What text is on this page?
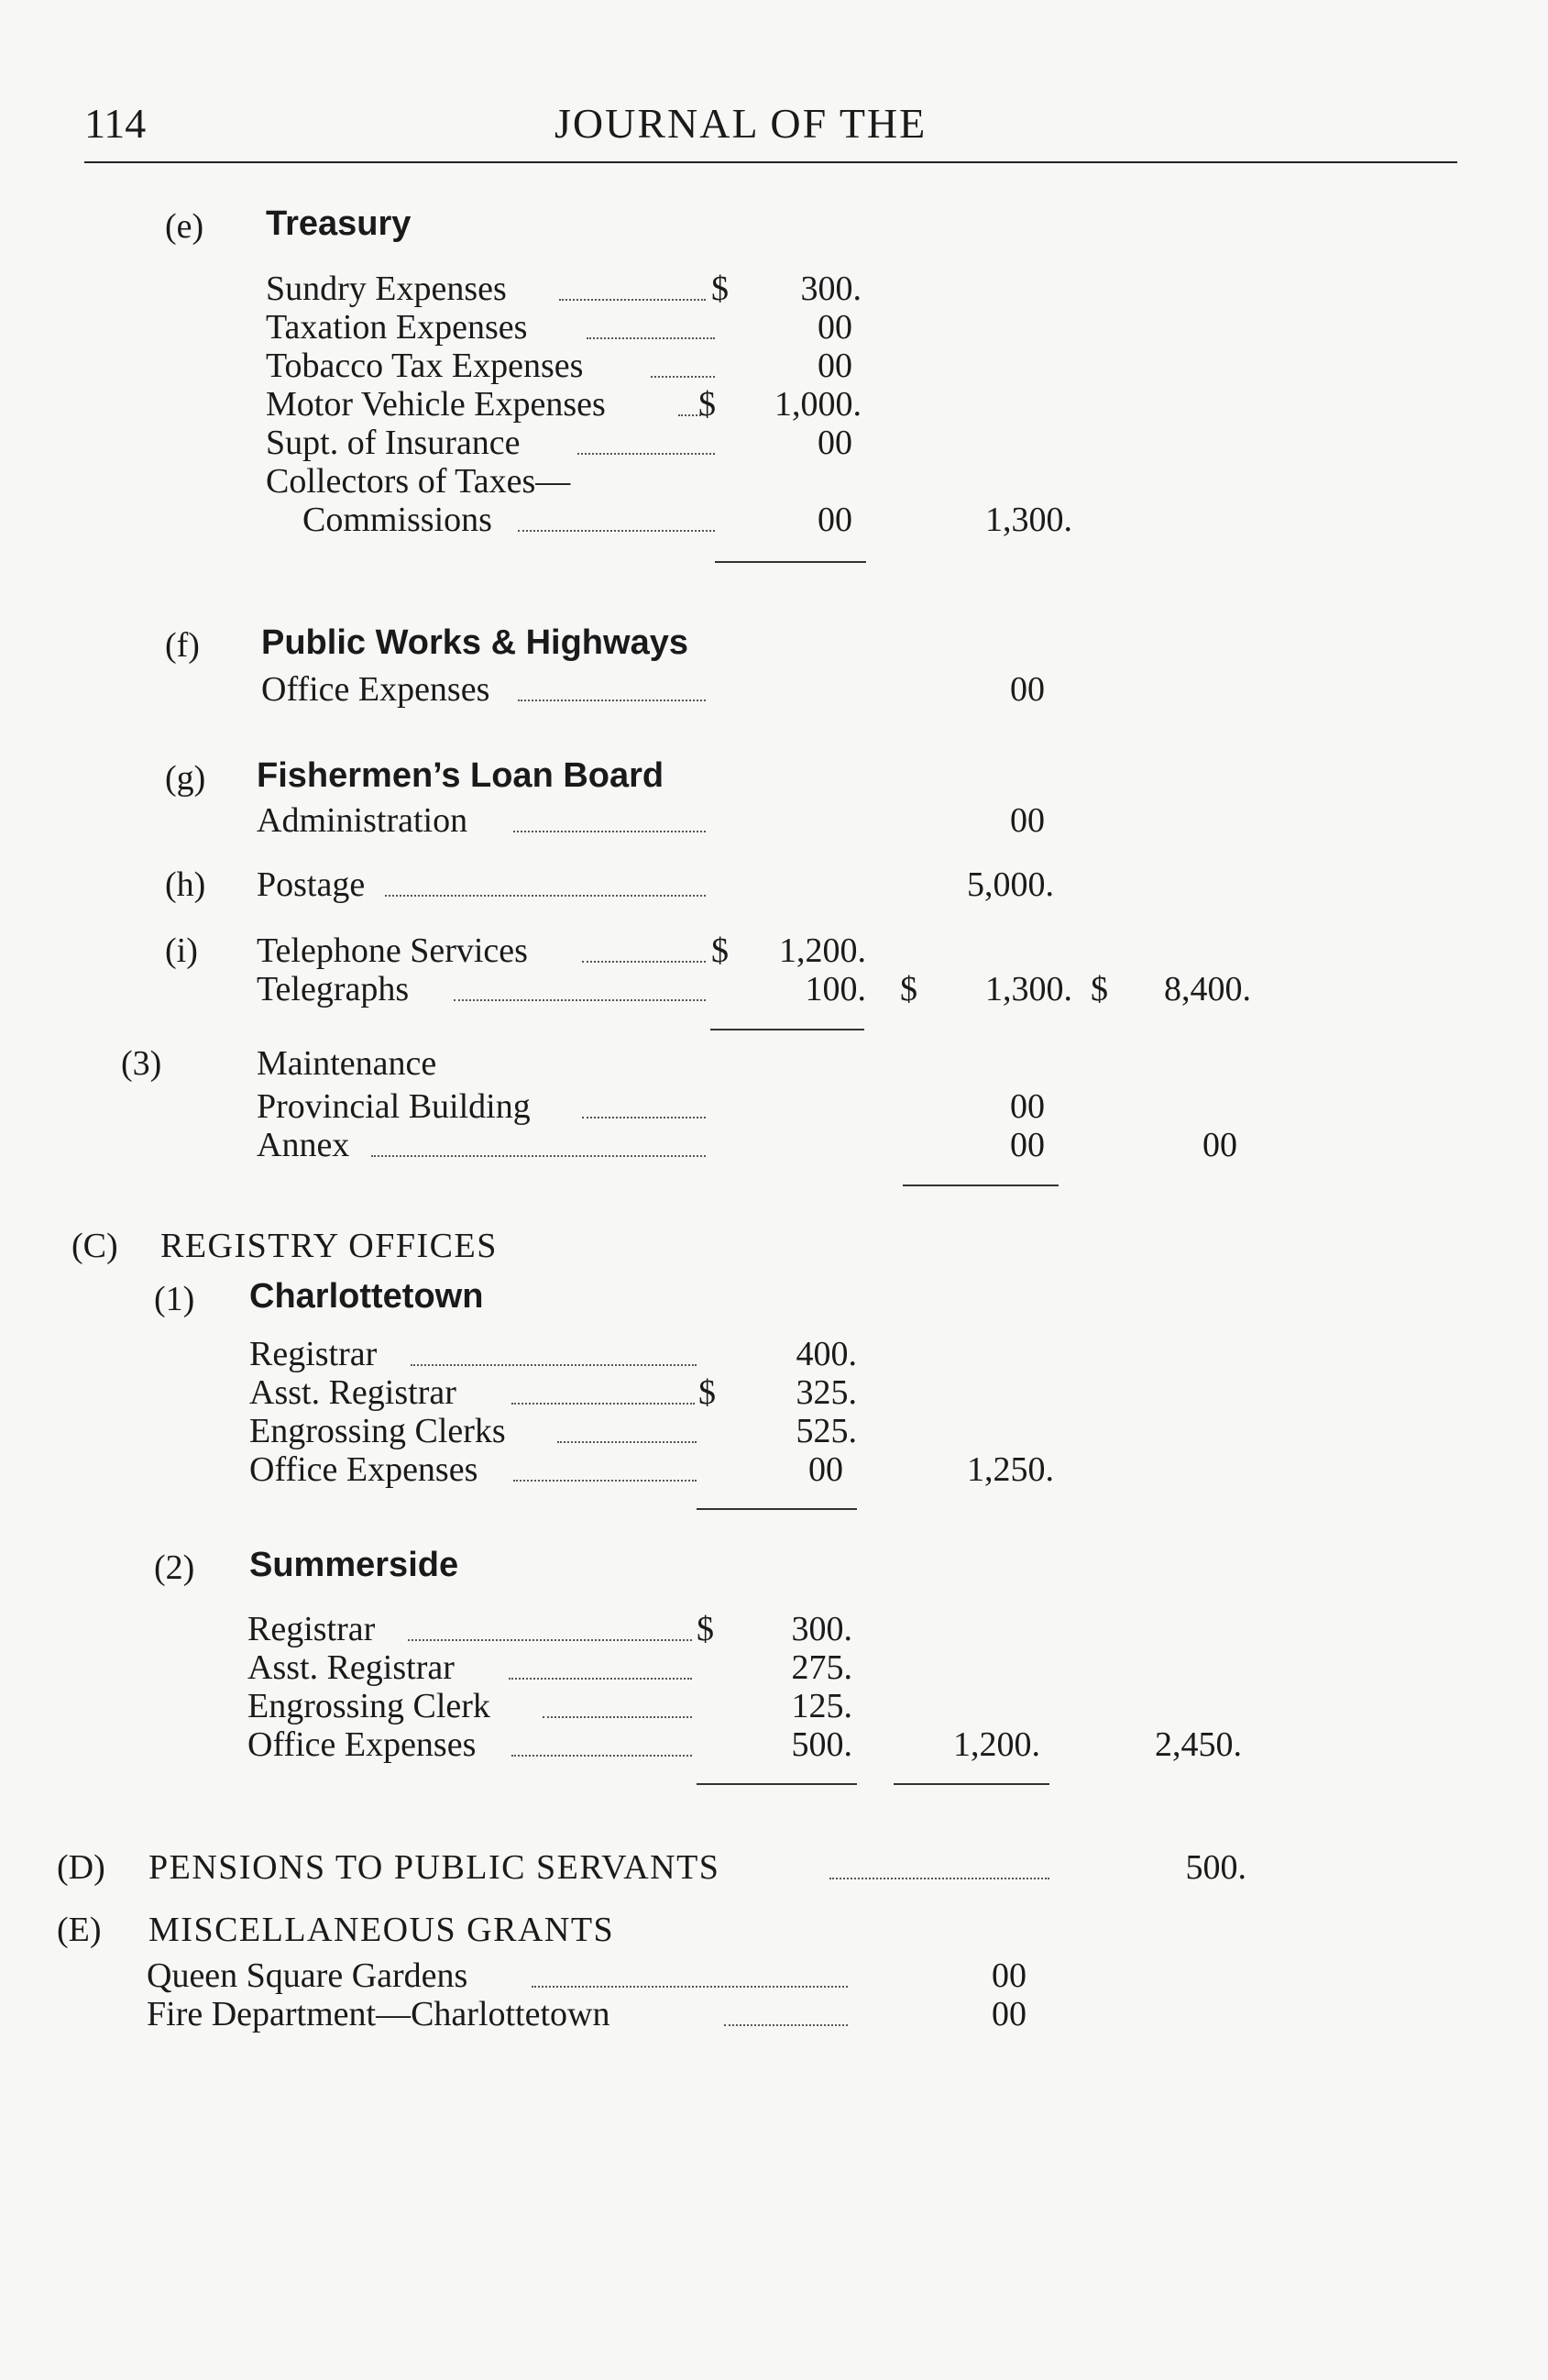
114	JOURNAL OF THE
(e) Treasury
Sundry Expenses	$	300.
Taxation Expenses	00
Tobacco Tax Expenses	00
Motor Vehicle Expenses	$	1,000.
Supt. of Insurance	00
Collectors of Taxes—
Commissions	00	1,300.
(f) Public Works & Highways
Office Expenses	00
(g) Fishermen’s Loan Board
Administration	00
(h) Postage	5,000.
(i) Telephone Services	$	1,200.
Telegraphs	100. $	1,300. $	8,400.
(3)	Maintenance
Provincial Building	00
Annex	00	00
(C) REGISTRY OFFICES
(1) Charlottetown
Registrar	400.
Asst. Registrar	$	325.
Engrossing Clerks	525.
Office Expenses	00	1,250.
(2) Summerside
Registrar	$	300.
Asst. Registrar	275.
Engrossing Clerk	125.
Office Expenses	500.	1,200.	2,450.
(D) PENSIONS TO PUBLIC SERVANTS	500.
(E) MISCELLANEOUS GRANTS
Queen Square Gardens	00
Fire Department—Charlottetown	00
